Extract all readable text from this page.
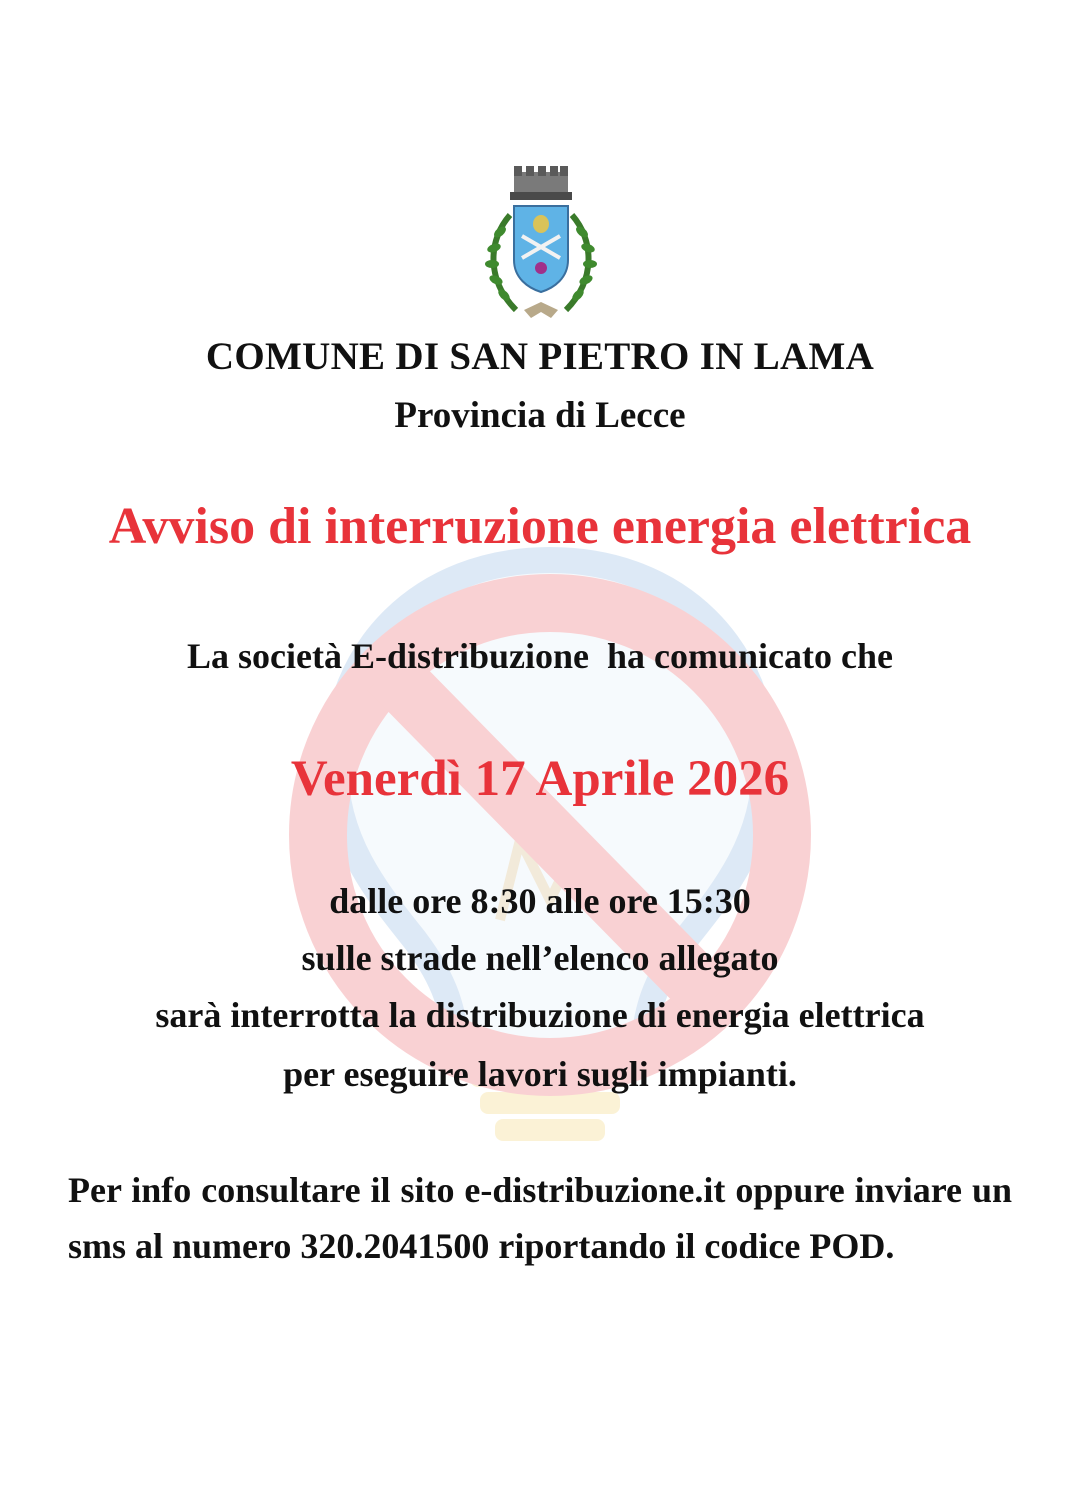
COMUNE DI SAN PIETRO IN LAMA
Provincia di Lecce
Avviso di interruzione energia elettrica
La società E-distribuzione  ha comunicato che
Venerdì 17 Aprile 2026
dalle ore 8:30 alle ore 15:30
sulle strade nell’elenco allegato
sarà interrotta la distribuzione di energia elettrica
per eseguire lavori sugli impianti.
Per info consultare il sito e-distribuzione.it oppure inviare un sms al numero 320.2041500 riportando il codice POD.
